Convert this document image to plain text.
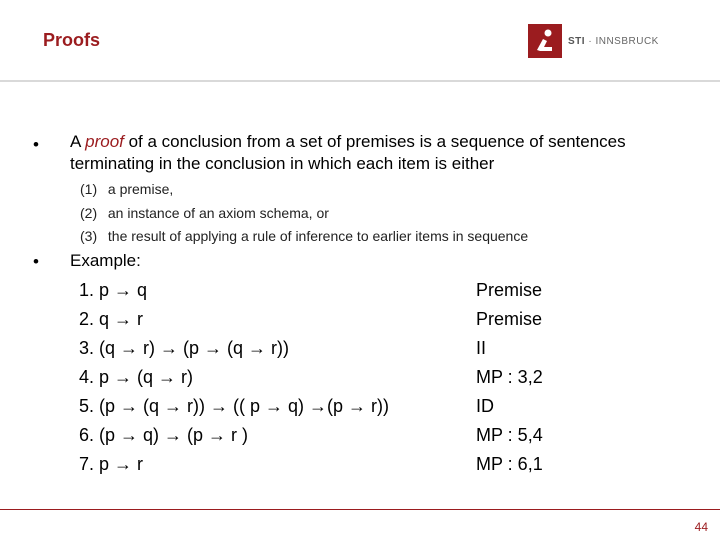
Proofs	STI · INNSBRUCK
• A proof of a conclusion from a set of premises is a sequence of sentences terminating in the conclusion in which each item is either
(1) a premise,
(2) an instance of an axiom schema, or
(3) the result of applying a rule of inference to earlier items in sequence
• Example:
1. p → q
2. q → r
3. (q → r) → (p → (q → r))
4. p → (q → r)
5. (p → (q → r)) → (( p → q) →(p → r))
6. (p → q) → (p → r )
7. p → r
Premise
Premise
II
MP : 3,2
ID
MP : 5,4
MP : 6,1
44
